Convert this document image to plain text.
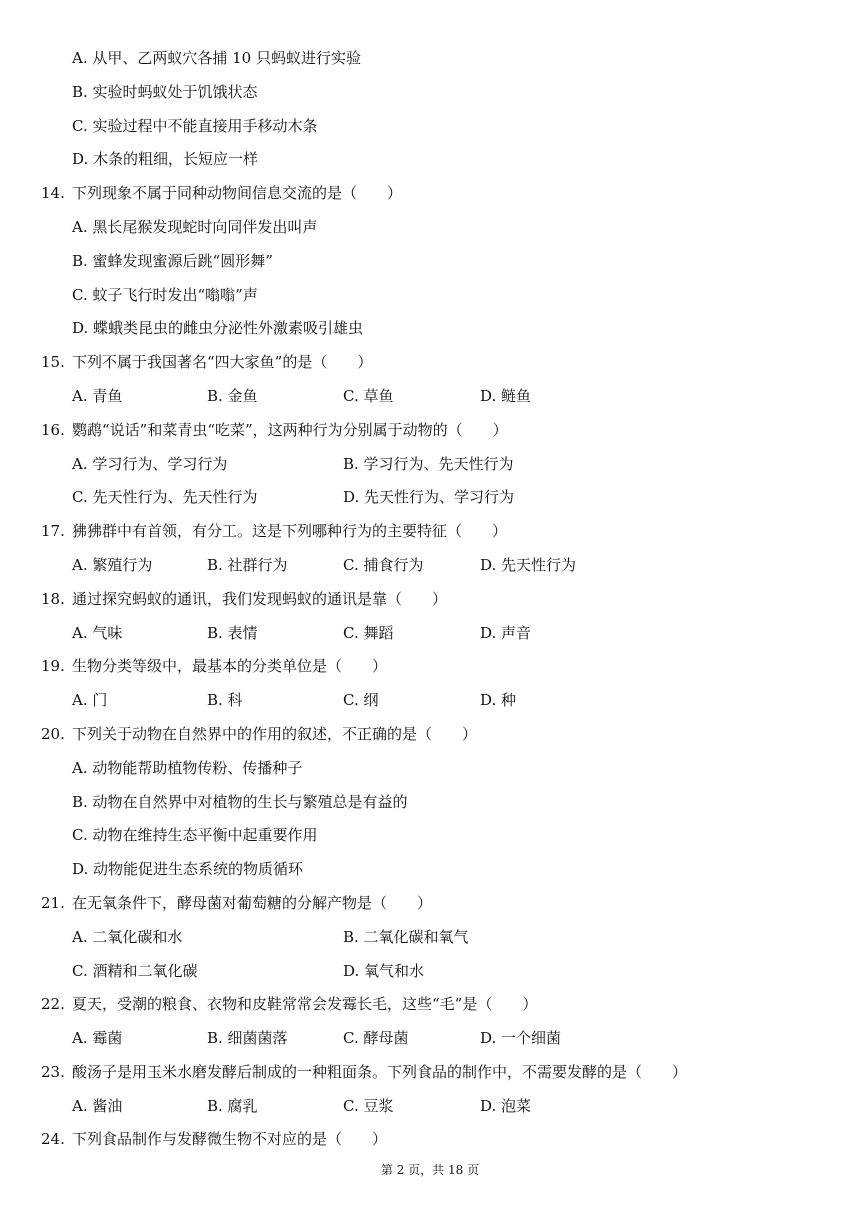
A. 从甲、乙两蚁穴各捕 10 只蚂蚁进行实验
B. 实验时蚂蚁处于饥饿状态
C. 实验过程中不能直接用手移动木条
D. 木条的粗细，长短应一样
14. 下列现象不属于同种动物间信息交流的是（　　）
A. 黑长尾猴发现蛇时向同伴发出叫声
B. 蜜蜂发现蜜源后跳“圆形舞”
C. 蚊子飞行时发出“嗡嗡”声
D. 蝶蛾类昆虫的雌虫分泌性外激素吸引雄虫
15. 下列不属于我国著名“四大家鱼”的是（　　）
A. 青鱼	B. 金鱼	C. 草鱼	D. 鲢鱼
16. 鹦鹉“说话”和菜青虫“吃菜”，这两种行为分别属于动物的（　　）
A. 学习行为、学习行为	B. 学习行为、先天性行为
C. 先天性行为、先天性行为	D. 先天性行为、学习行为
17. 狒狒群中有首领，有分工。这是下列哪种行为的主要特征（　　）
A. 繁殖行为	B. 社群行为	C. 捕食行为	D. 先天性行为
18. 通过探究蚂蚁的通讯，我们发现蚂蚁的通讯是靠（　　）
A. 气味	B. 表情	C. 舞蹈	D. 声音
19. 生物分类等级中，最基本的分类单位是（　　）
A. 门	B. 科	C. 纲	D. 种
20. 下列关于动物在自然界中的作用的叙述，不正确的是（　　）
A. 动物能帮助植物传粉、传播种子
B. 动物在自然界中对植物的生长与繁殖总是有益的
C. 动物在维持生态平衡中起重要作用
D. 动物能促进生态系统的物质循环
21. 在无氧条件下，酵母菌对葡萄糖的分解产物是（　　）
A. 二氧化碳和水	B. 二氧化碳和氧气
C. 酒精和二氧化碳	D. 氧气和水
22. 夏天，受潮的粮食、衣物和皮鞋常常会发霉长毛，这些“毛”是（　　）
A. 霉菌	B. 细菌菌落	C. 酵母菌	D. 一个细菌
23. 酸汤子是用玉米水磨发酵后制成的一种粗面条。下列食品的制作中，不需要发酵的是（　　）
A. 酱油	B. 腐乳	C. 豆浆	D. 泡菜
24. 下列食品制作与发酵微生物不对应的是（　　）
第 2 页，共 18 页
